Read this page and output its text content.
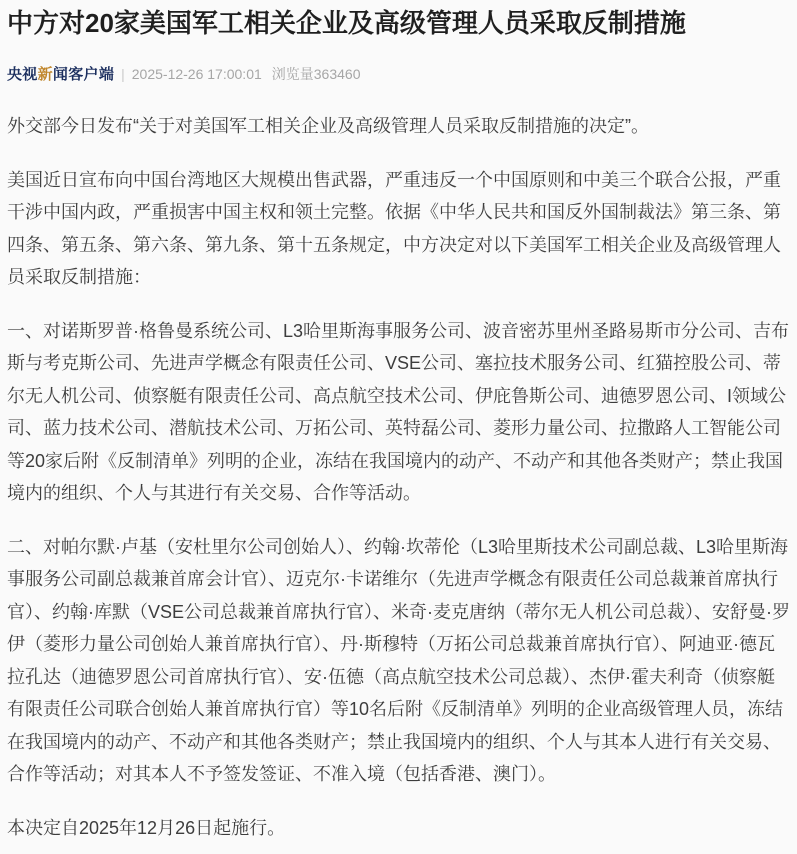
中方对20家美国军工相关企业及高级管理人员采取反制措施
央视新闻客户端 | 2025-12-26 17:00:01 浏览量363460

外交部今日发布“关于对美国军工相关企业及高级管理人员采取反制措施的决定”。

美国近日宣布向中国台湾地区大规模出售武器，严重违反一个中国原则和中美三个联合公报，严重干涉中国内政，严重损害中国主权和领土完整。依据《中华人民共和国反外国制裁法》第三条、第四条、第五条、第六条、第九条、第十五条规定，中方决定对以下美国军工相关企业及高级管理人员采取反制措施：

一、对诺斯罗普·格鲁曼系统公司、L3哈里斯海事服务公司、波音密苏里州圣路易斯市分公司、吉布斯与考克斯公司、先进声学概念有限责任公司、VSE公司、塞拉技术服务公司、红猫控股公司、蒂尔无人机公司、侦察艇有限责任公司、高点航空技术公司、伊庇鲁斯公司、迪德罗恩公司、I领域公司、蓝力技术公司、潜航技术公司、万拓公司、英特磊公司、菱形力量公司、拉撒路人工智能公司等20家后附《反制清单》列明的企业，冻结在我国境内的动产、不动产和其他各类财产；禁止我国境内的组织、个人与其进行有关交易、合作等活动。

二、对帕尔默·卢基（安杜里尔公司创始人）、约翰·坎蒂伦（L3哈里斯技术公司副总裁、L3哈里斯海事服务公司副总裁兼首席会计官）、迈克尔·卡诺维尔（先进声学概念有限责任公司总裁兼首席执行官）、约翰·库默（VSE公司总裁兼首席执行官）、米奇·麦克唐纳（蒂尔无人机公司总裁）、安舒曼·罗伊（菱形力量公司创始人兼首席执行官）、丹·斯穆特（万拓公司总裁兼首席执行官）、阿迪亚·德瓦拉孔达（迪德罗恩公司首席执行官）、安·伍德（高点航空技术公司总裁）、杰伊·霍夫利奇（侦察艇有限责任公司联合创始人兼首席执行官）等10名后附《反制清单》列明的企业高级管理人员，冻结在我国境内的动产、不动产和其他各类财产；禁止我国境内的组织、个人与其本人进行有关交易、合作等活动；对其本人不予签发签证、不准入境（包括香港、澳门）。

本决定自2025年12月26日起施行。
